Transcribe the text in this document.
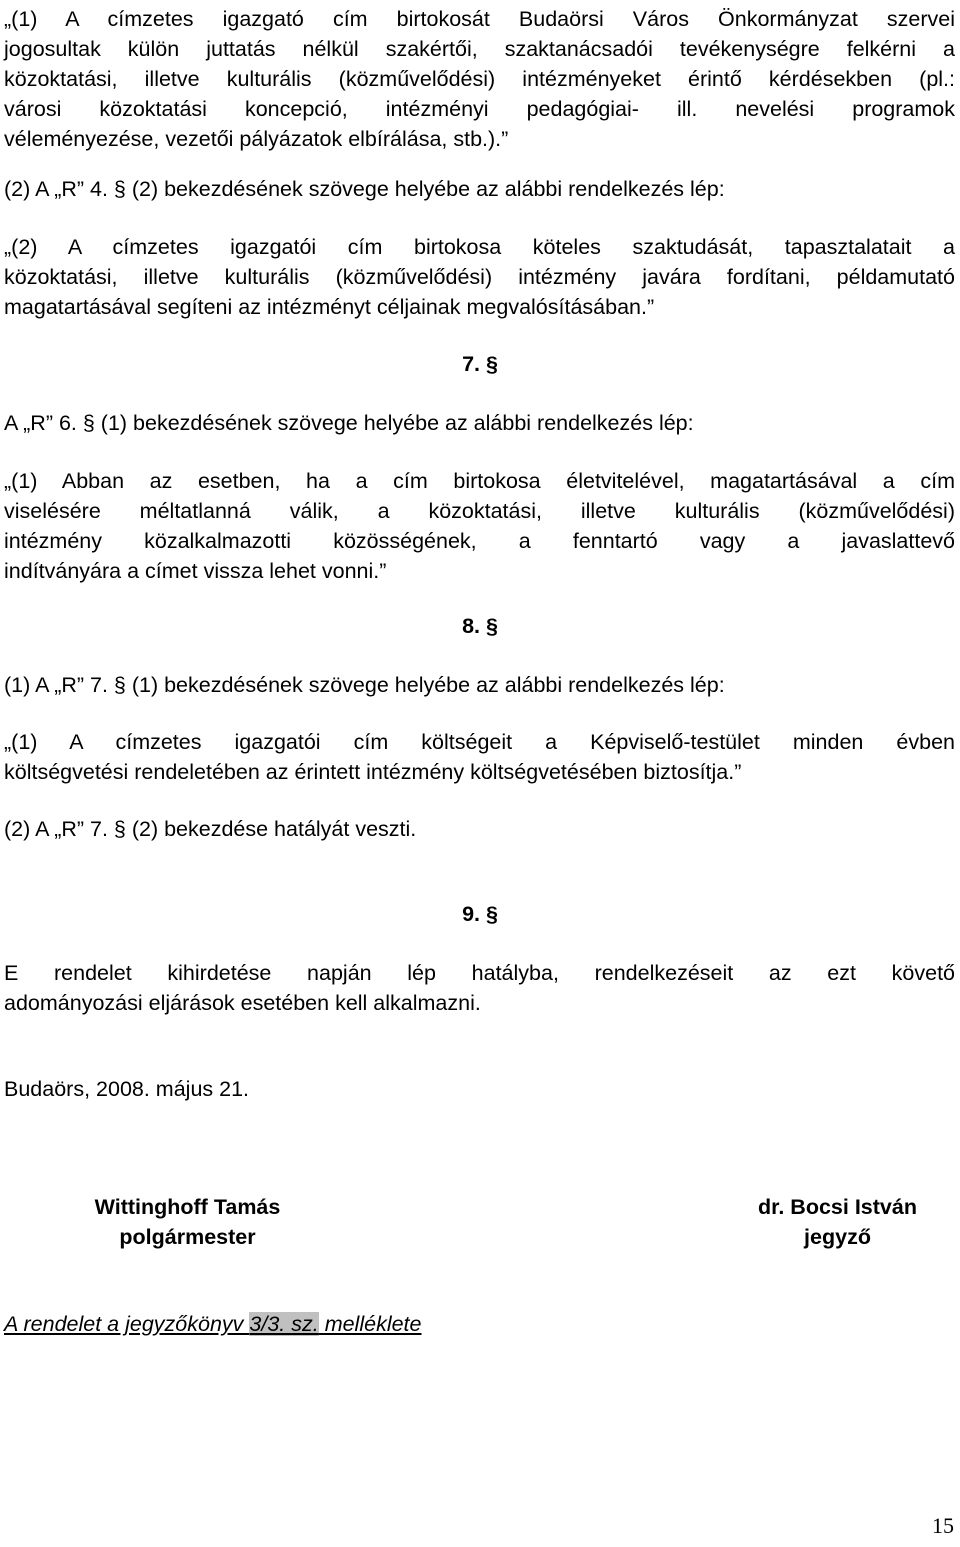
„(1) A címzetes igazgató cím birtokosát Budaörsi Város Önkormányzat szervei
jogosultak külön juttatás nélkül szakértői, szaktanácsadói tevékenységre felkérni a
közoktatási, illetve kulturális (közművelődési) intézményeket érintő kérdésekben (pl.:
városi közoktatási koncepció, intézményi pedagógiai- ill. nevelési programok
véleményezése, vezetői pályázatok elbírálása, stb.).”
(2) A „R” 4. § (2) bekezdésének szövege helyébe az alábbi rendelkezés lép:
„(2) A címzetes igazgatói cím birtokosa köteles szaktudását, tapasztalatait a
közoktatási, illetve kulturális (közművelődési) intézmény javára fordítani, példamutató
magatartásával segíteni az intézményt céljainak megvalósításában.”
7. §
A „R” 6. § (1) bekezdésének szövege helyébe az alábbi rendelkezés lép:
„(1) Abban az esetben, ha a cím birtokosa életvitelével, magatartásával a cím
viselésére méltatlanná válik, a közoktatási, illetve kulturális (közművelődési)
intézmény közalkalmazotti közösségének, a fenntartó vagy a javaslattevő
indítványára a címet vissza lehet vonni.”
8. §
(1) A „R” 7. § (1) bekezdésének szövege helyébe az alábbi rendelkezés lép:
„(1) A címzetes igazgatói cím költségeit a Képviselő-testület minden évben
költségvetési rendeletében az érintett intézmény költségvetésében biztosítja.”
(2) A „R” 7. § (2) bekezdése hatályát veszti.
9. §
E rendelet kihirdetése napján lép hatályba, rendelkezéseit az ezt követő
adományozási eljárások esetében kell alkalmazni.
Budaörs, 2008. május 21.
Wittinghoff Tamás
polgármester
dr. Bocsi István
jegyző
A rendelet a jegyzőkönyv 3/3. sz. melléklete
15
